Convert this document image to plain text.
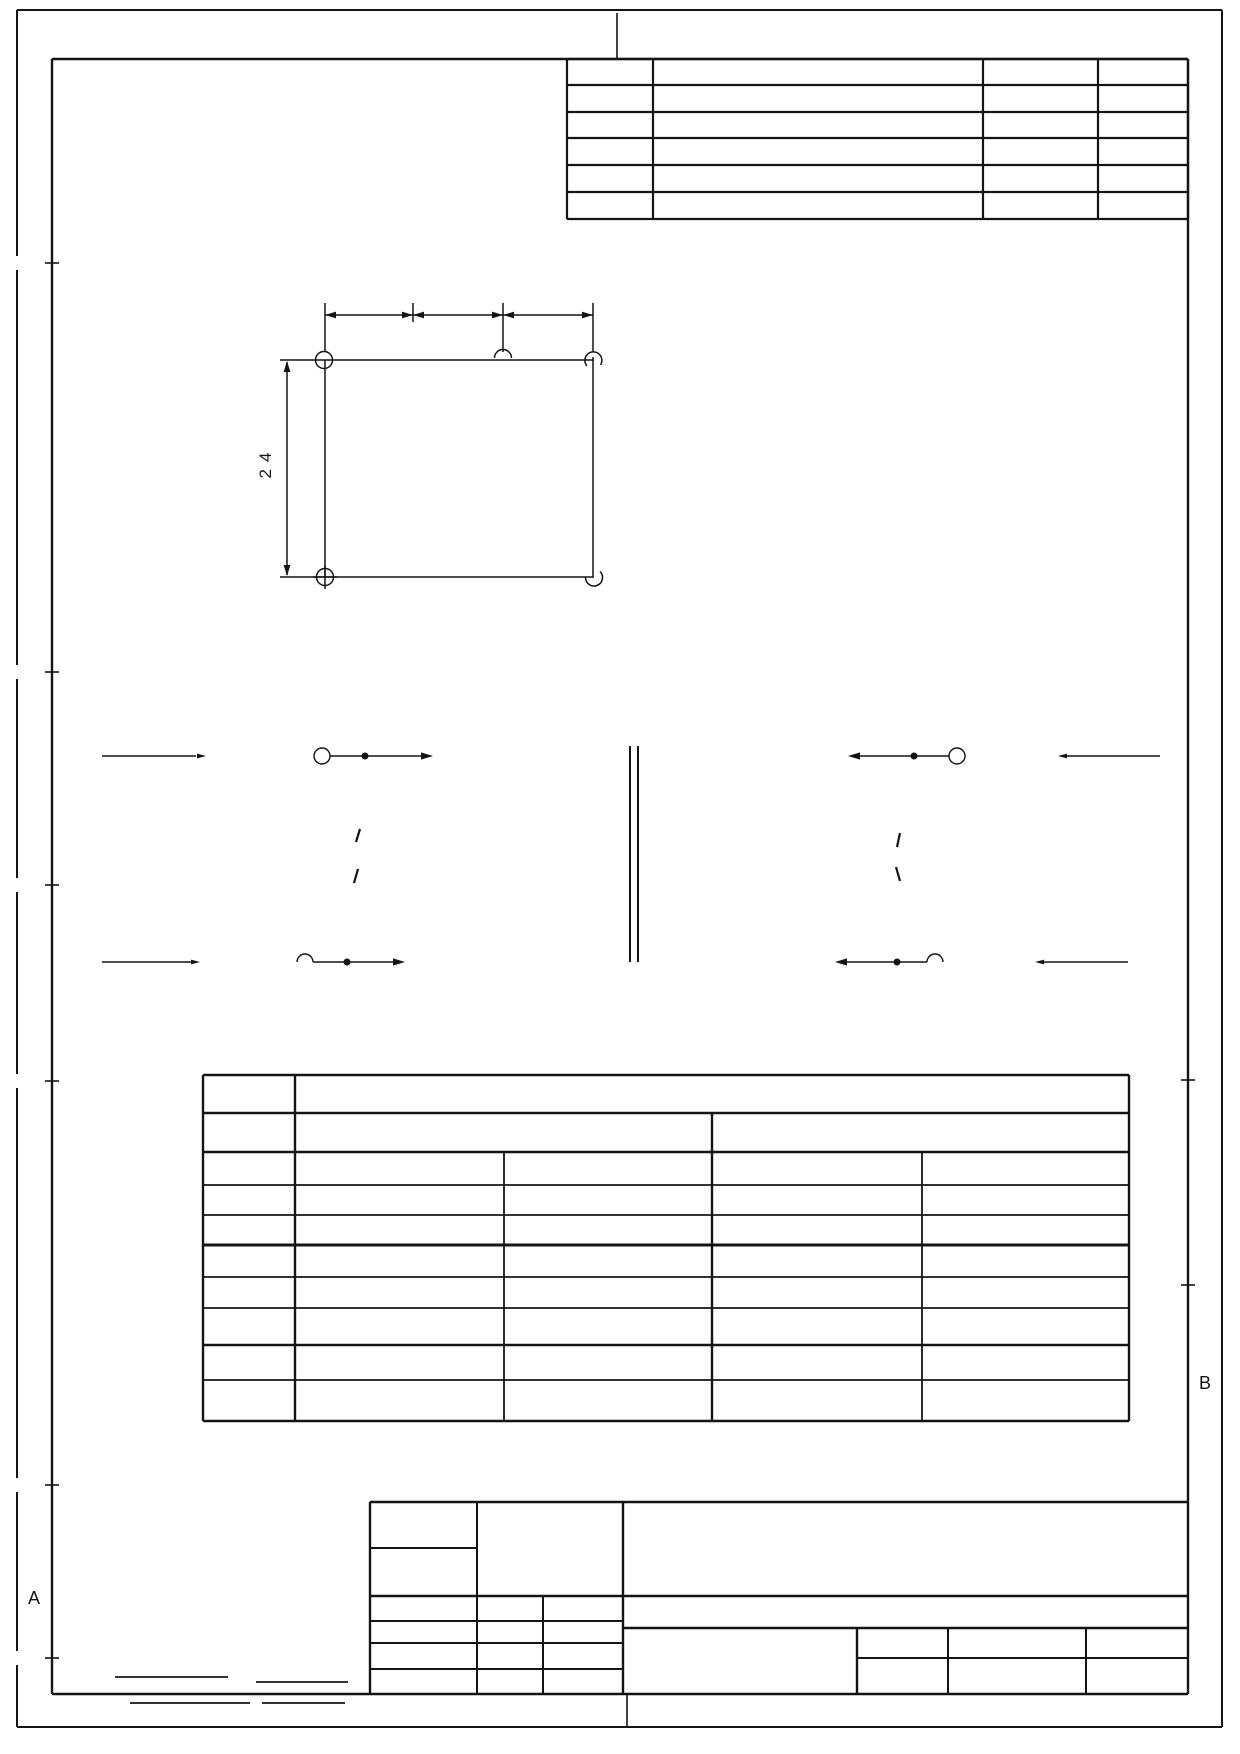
A
B
24
